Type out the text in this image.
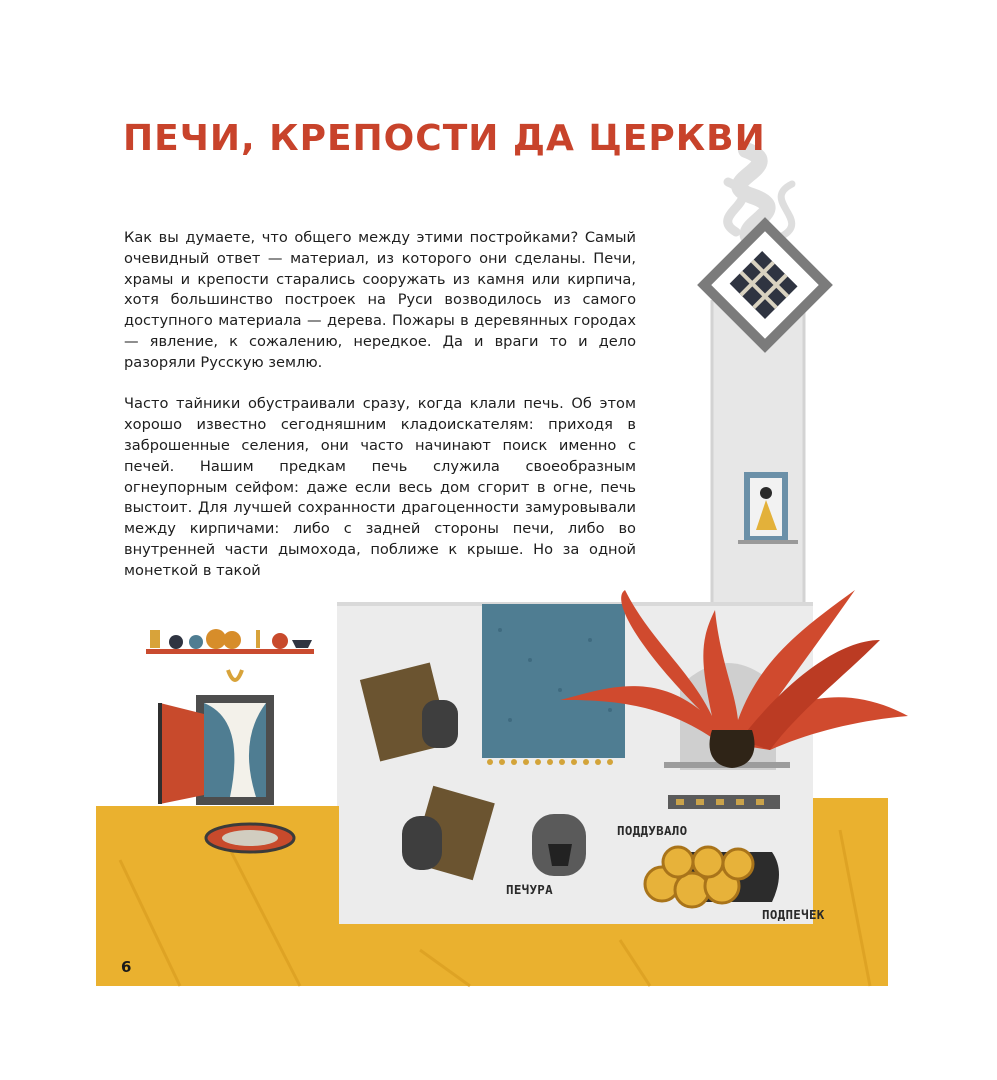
ПЕЧИ, КРЕПОСТИ ДА ЦЕРКВИ

Как вы думаете, что общего между этими постройками? Самый очевидный ответ — материал, из которого они сделаны. Печи, храмы и крепости старались сооружать из камня или кирпича, хотя большинство построек на Руси возводилось из самого доступного материала — дерева. Пожары в деревянных городах — явление, к сожалению, нередкое. Да и враги то и дело разоряли Русскую землю.

Часто тайники обустраивали сразу, когда клали печь. Об этом хорошо известно сегодняшним кладоискателям: приходя в заброшенные селения, они часто начинают поиск именно с печей. Нашим предкам печь служила своеобразным огнеупорным сейфом: даже если весь дом сгорит в огне, печь выстоит. Для лучшей сохранности драгоценности замуровывали между кирпичами: либо с задней стороны печи, либо во внутренней части дымохода, поближе к крыше. Но за одной монеткой в такой

ПОДДУВАЛО
ПЕЧУРА
ПОДПЕЧЕК
6
